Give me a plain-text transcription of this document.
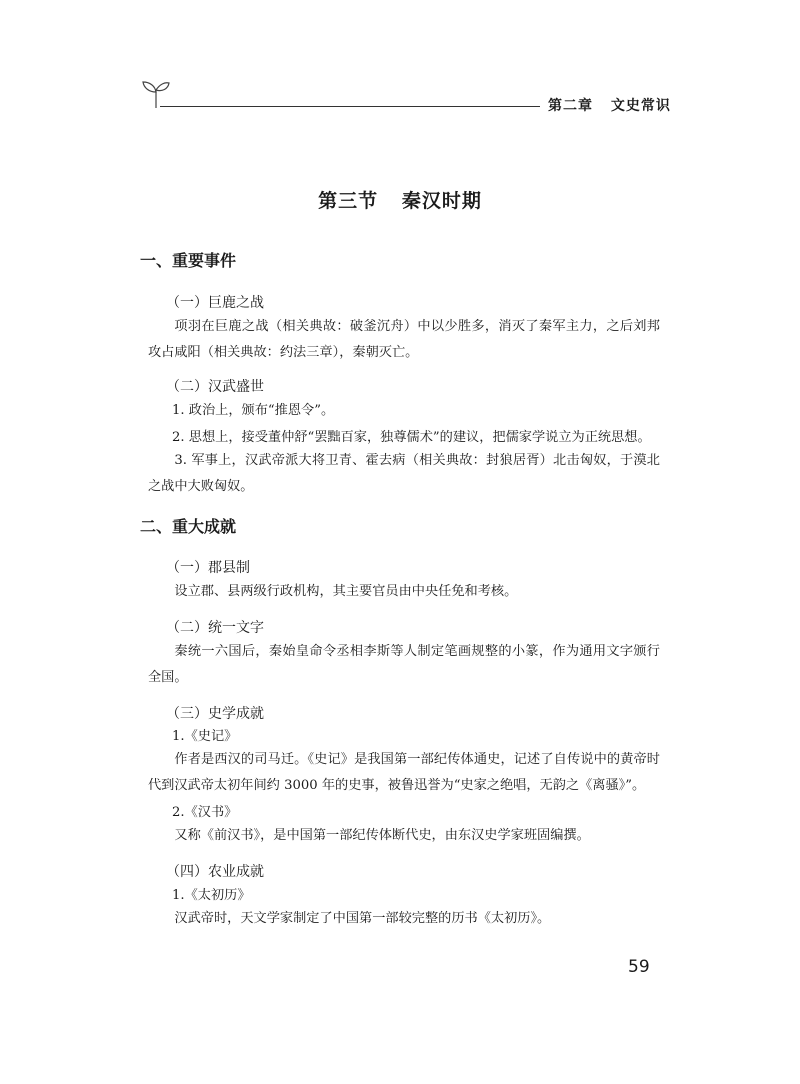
第二章 文史常识
第三节 秦汉时期
一、重要事件
（一）巨鹿之战
项羽在巨鹿之战（相关典故：破釜沉舟）中以少胜多，消灭了秦军主力，之后刘邦攻占咸阳（相关典故：约法三章），秦朝灭亡。
（二）汉武盛世
1. 政治上，颁布“推恩令”。
2. 思想上，接受董仲舒“罢黜百家，独尊儒术”的建议，把儒家学说立为正统思想。
3. 军事上，汉武帝派大将卫青、霍去病（相关典故：封狼居胥）北击匈奴，于漠北之战中大败匈奴。
二、重大成就
（一）郡县制
设立郡、县两级行政机构，其主要官员由中央任免和考核。
（二）统一文字
秦统一六国后，秦始皇命令丞相李斯等人制定笔画规整的小篆，作为通用文字颁行全国。
（三）史学成就
1.《史记》
作者是西汉的司马迁。《史记》是我国第一部纪传体通史，记述了自传说中的黄帝时代到汉武帝太初年间约 3000 年的史事，被鲁迅誉为“史家之绝唱，无韵之《离骚》”。
2.《汉书》
又称《前汉书》，是中国第一部纪传体断代史，由东汉史学家班固编撰。
（四）农业成就
1.《太初历》
汉武帝时，天文学家制定了中国第一部较完整的历书《太初历》。
59
